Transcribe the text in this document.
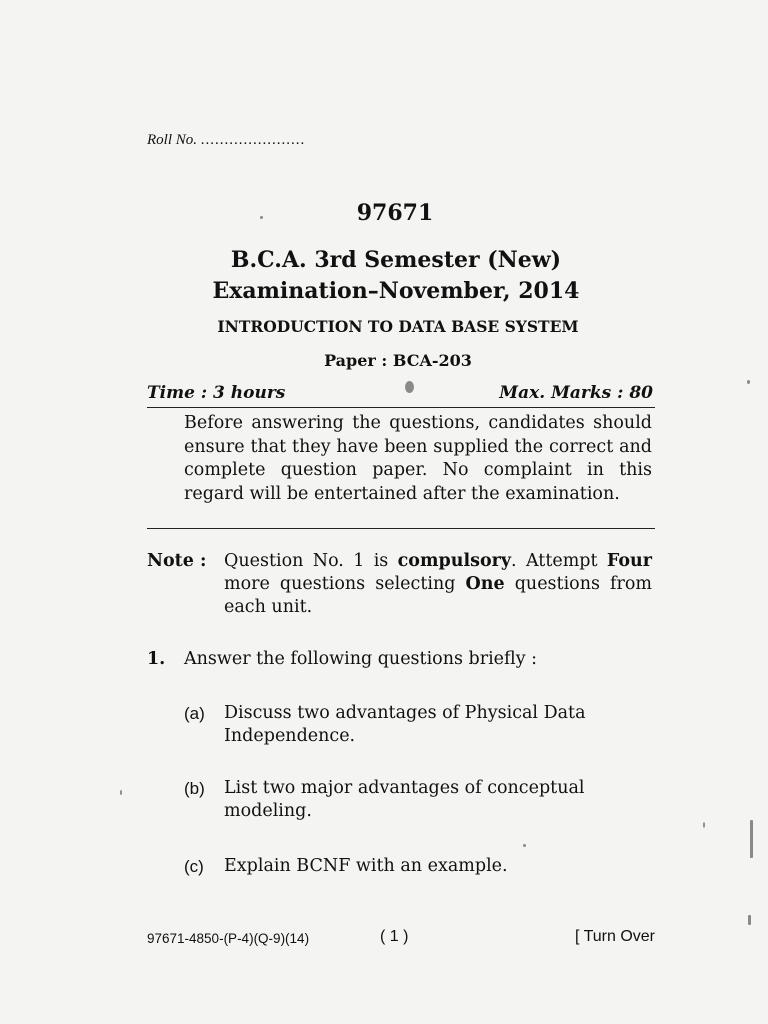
Roll No. ......................
97671
B.C.A. 3rd Semester (New)
Examination–November, 2014
INTRODUCTION TO DATA BASE SYSTEM
Paper : BCA-203
Time : 3 hours	Max. Marks : 80
Before answering the questions, candidates should ensure that they have been supplied the correct and complete question paper. No complaint in this regard will be entertained after the examination.
Note : Question No. 1 is compulsory. Attempt Four more questions selecting One questions from each unit.
1. Answer the following questions briefly :
(a) Discuss two advantages of Physical Data Independence.
(b) List two major advantages of conceptual modeling.
(c) Explain BCNF with an example.
97671-4850-(P-4)(Q-9)(14)	( 1 )	[ Turn Over
